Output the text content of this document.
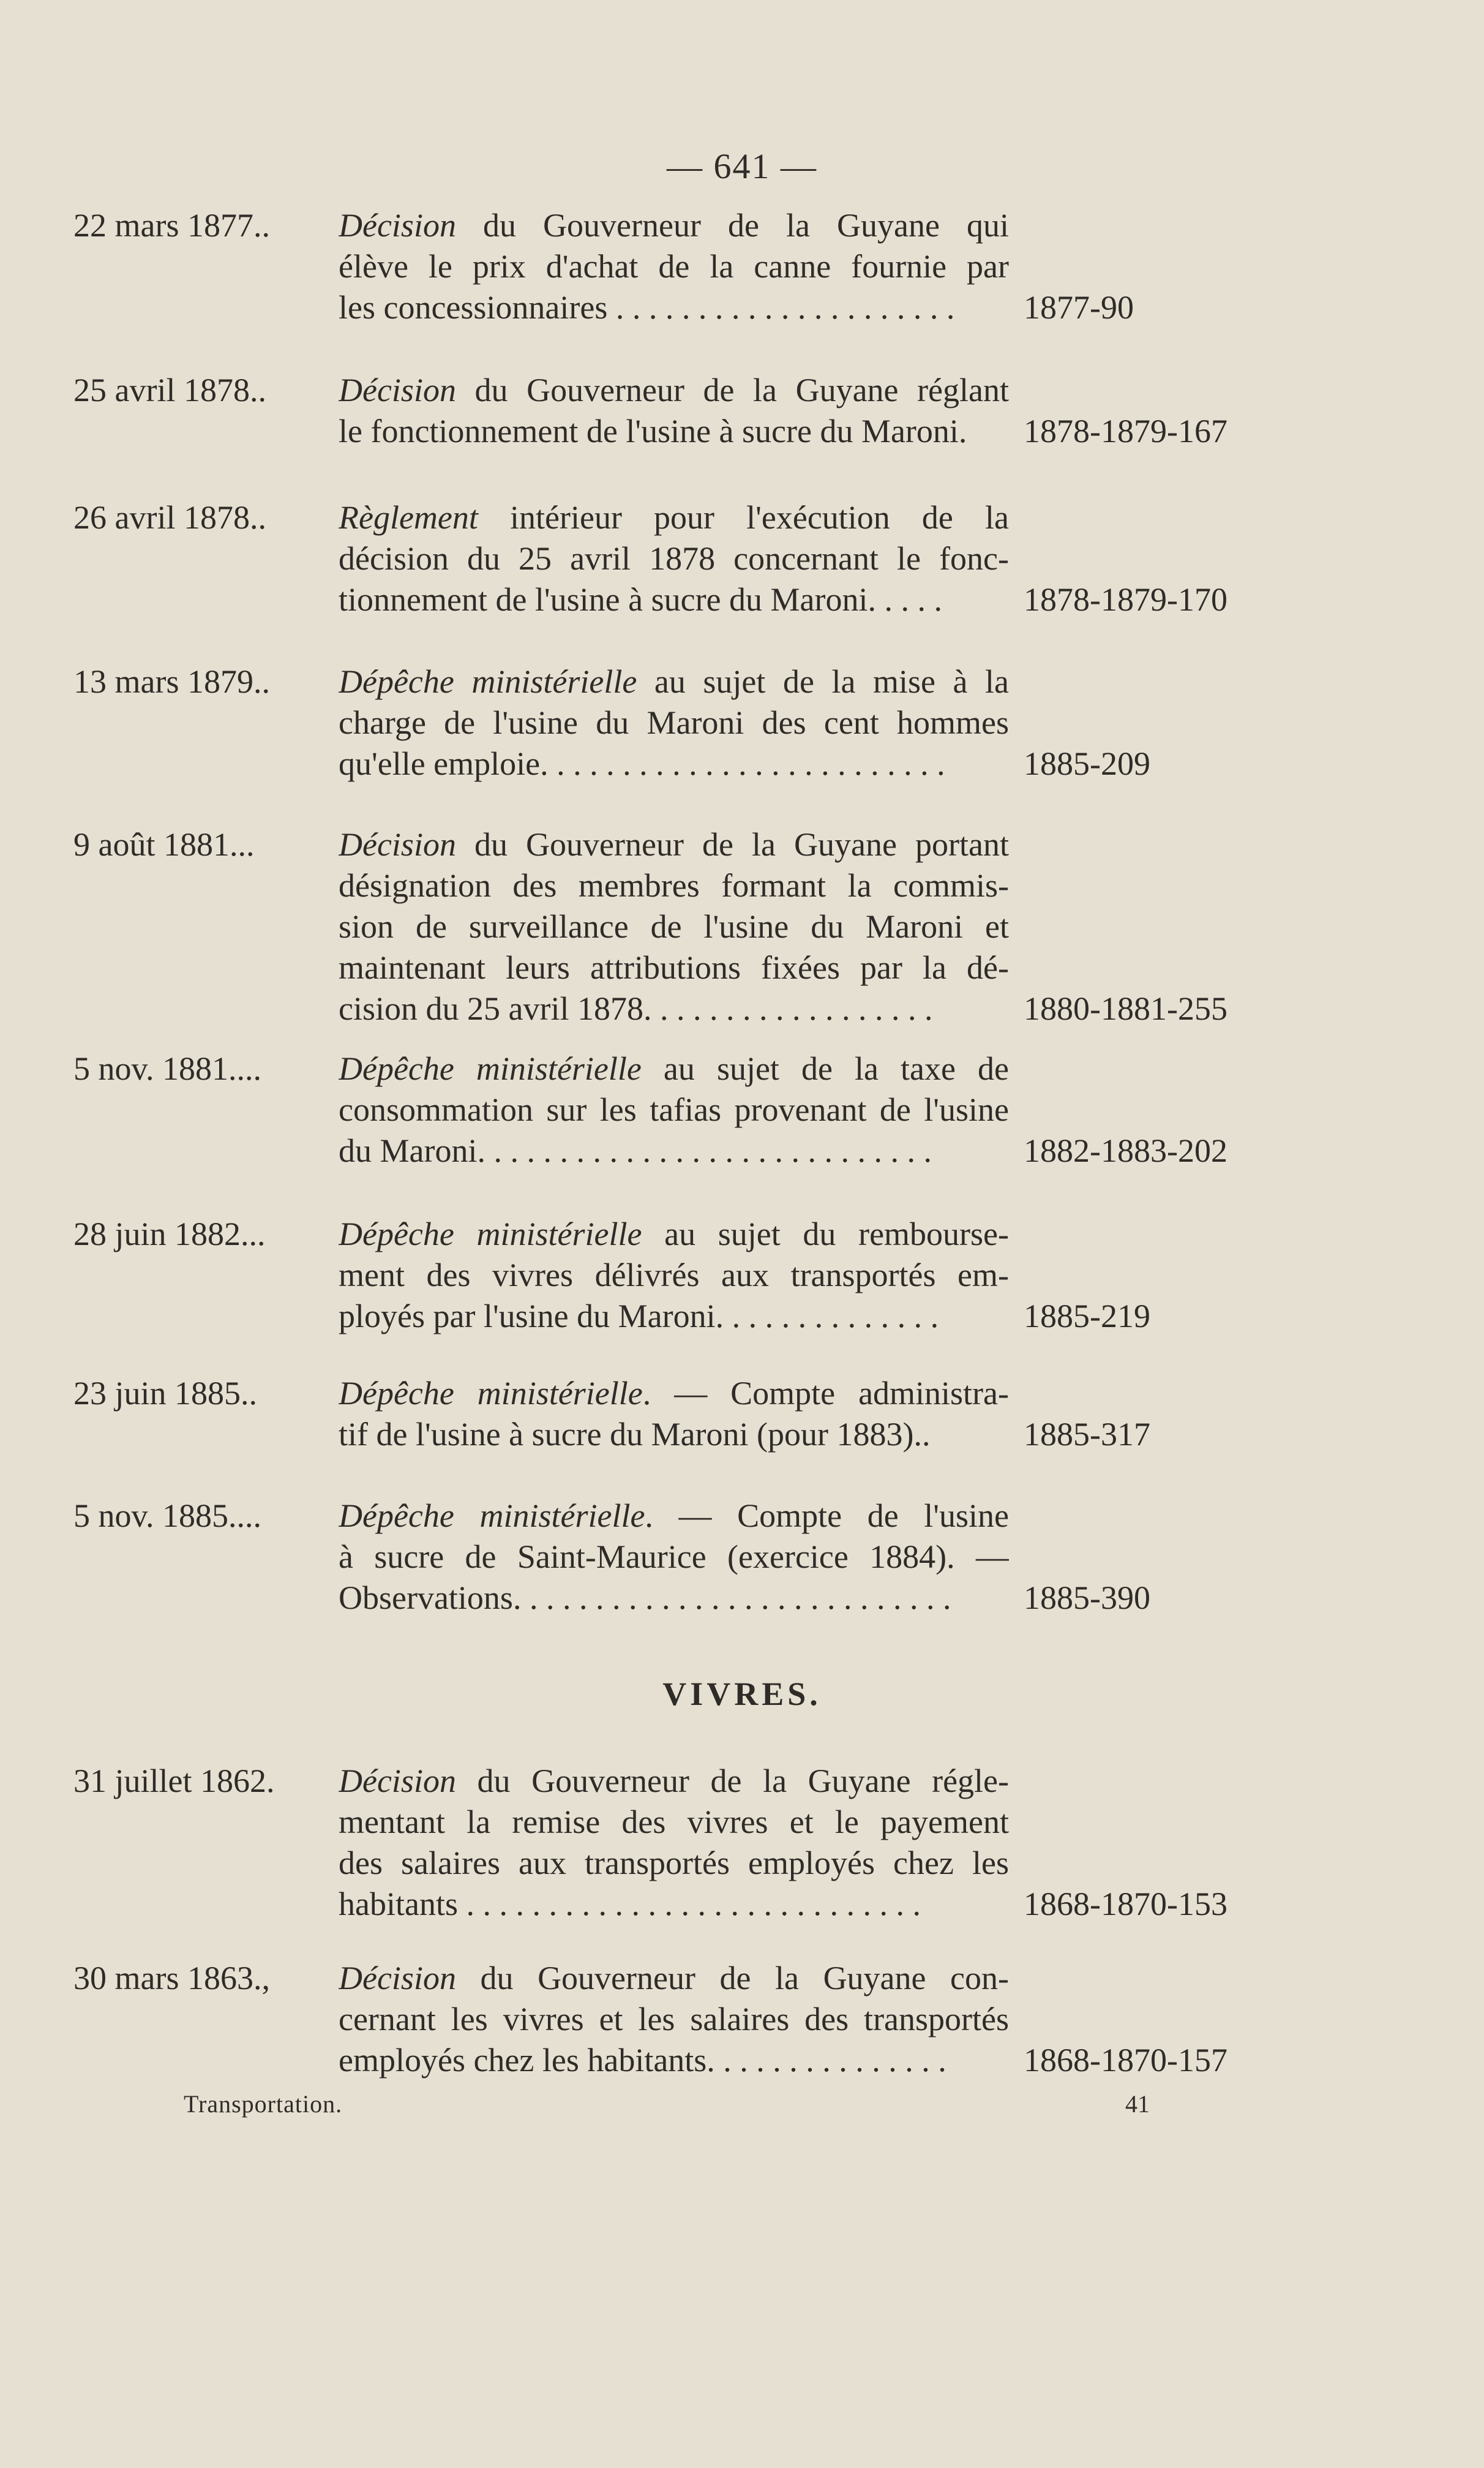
— 641 —
22 mars 1877.. Décision du Gouverneur de la Guyane qui
élève le prix d'achat de la canne fournie par
les concessionnaires . . . . . . . . . . . . . . . . . . . . .	1877-90
25 avril 1878.. Décision du Gouverneur de la Guyane réglant
le fonctionnement de l'usine à sucre du Maroni.	1878-1879-167
26 avril 1878.. Règlement intérieur pour l'exécution de la
décision du 25 avril 1878 concernant le fonc-
tionnement de l'usine à sucre du Maroni. . . . .	1878-1879-170
13 mars 1879.. Dépêche ministérielle au sujet de la mise à la
charge de l'usine du Maroni des cent hommes
qu'elle emploie. . . . . . . . . . . . . . . . . . . . . . . . .	1885-209
9 août 1881...	Décision du Gouverneur de la Guyane portant
désignation des membres formant la commis-
sion de surveillance de l'usine du Maroni et
maintenant leurs attributions fixées par la dé-
cision du 25 avril 1878. . . . . . . . . . . . . . . . . .	1880-1881-255
5 nov. 1881.... Dépêche ministérielle au sujet de la taxe de
consommation sur les tafias provenant de l'usine
du Maroni. . . . . . . . . . . . . . . . . . . . . . . . . . . .	1882-1883-202
28 juin 1882... Dépêche ministérielle au sujet du rembourse-
ment des vivres délivrés aux transportés em-
ployés par l'usine du Maroni. . . . . . . . . . . . . .	1885-219
23 juin 1885.. Dépêche ministérielle. — Compte administra-
tif de l'usine à sucre du Maroni (pour 1883)..	1885-317
5 nov. 1885.... Dépêche ministérielle. — Compte de l'usine
à sucre de Saint-Maurice (exercice 1884). —
Observations. . . . . . . . . . . . . . . . . . . . . . . . . . .	1885-390
VIVRES.
31 juillet 1862. Décision du Gouverneur de la Guyane régle-
mentant la remise des vivres et le payement
des salaires aux transportés employés chez les
habitants . . . . . . . . . . . . . . . . . . . . . . . . . . . .	1868-1870-153
30 mars 1863., Décision du Gouverneur de la Guyane con-
cernant les vivres et les salaires des transportés
employés chez les habitants. . . . . . . . . . . . . . .	1868-1870-157
Transportation.	41
